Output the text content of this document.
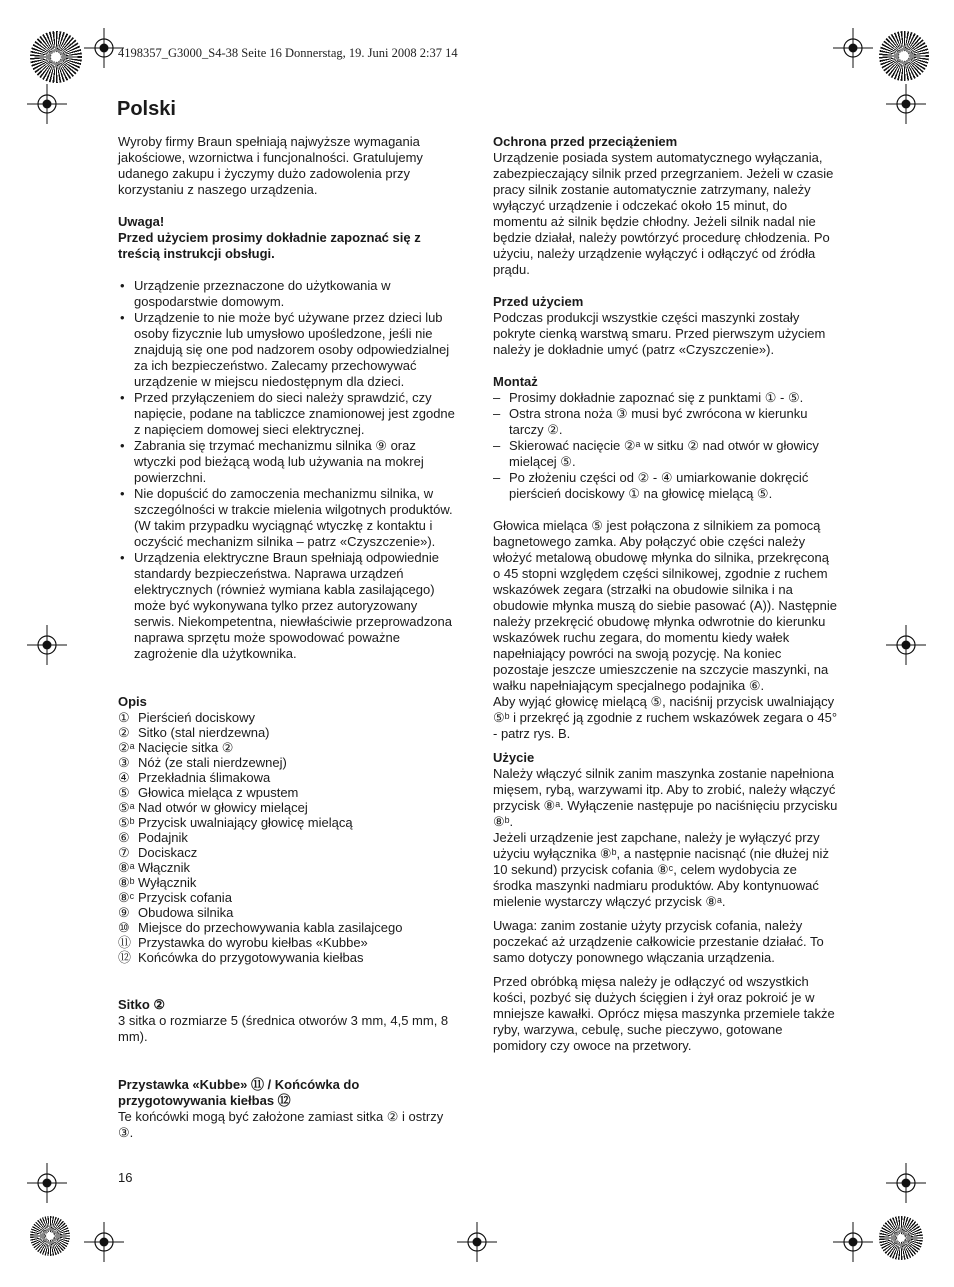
4198357_G3000_S4-38 Seite 16 Donnerstag, 19. Juni 2008 2:37 14
Polski

Wyroby firmy Braun spełniają najwyższe wymagania jakościowe, wzornictwa i funcjonalności. Gratulujemy udanego zakupu i życzymy dużo zadowolenia przy korzystaniu z naszego urządzenia.

Uwaga!

Przed użyciem prosimy dokładnie zapoznać się z treścią instrukcji obsługi.

• Urządzenie przeznaczone do użytkowania w gospodarstwie domowym.
• Urządzenie to nie może być używane przez dzieci lub osoby fizycznie lub umysłowo upośledzone, jeśli nie znajdują się one pod nadzorem osoby odpowiedzialnej za ich bezpieczeństwo. Zalecamy przechowywać urządzenie w miejscu niedostępnym dla dzieci.
• Przed przyłączeniem do sieci należy sprawdzić, czy napięcie, podane na tabliczce znamionowej jest zgodne z napięciem domowej sieci elektrycznej.
• Zabrania się trzymać mechanizmu silnika ⑨ oraz wtyczki pod bieżącą wodą lub używania na mokrej powierzchni.
• Nie dopuścić do zamoczenia mechanizmu silnika, w szczególności w trakcie mielenia wilgotnych produktów. (W takim przypadku wyciągnąć wtyczkę z kontaktu i oczyścić mechanizm silnika – patrz «Czyszczenie»).
• Urządzenia elektryczne Braun spełniają odpowiednie standardy bezpieczeństwa. Naprawa urządzeń elektrycznych (również wymiana kabla zasilającego) może być wykonywana tylko przez autoryzowany serwis. Niekompetentna, niewłaściwie przeprowadzona naprawa sprzętu może spowodować poważne zagrożenie dla użytkownika.

Opis

① Pierścień dociskowy
② Sitko (stal nierdzewna)
②ᵃ Nacięcie sitka ②
③ Nóż (ze stali nierdzewnej)
④ Przekładnia ślimakowa
⑤ Głowica mieląca z wpustem
⑤ᵃ Nad otwór w głowicy mielącej
⑤ᵇ Przycisk uwalniający głowicę mielącą
⑥ Podajnik
⑦ Dociskacz
⑧ᵃ Włącznik
⑧ᵇ Wyłącznik
⑧ᶜ Przycisk cofania
⑨ Obudowa silnika
⑩ Miejsce do przechowywania kabla zasilajcego
⑪ Przystawka do wyrobu kiełbas «Kubbe»
⑫ Końcówka do przygotowywania kiełbas

Sitko ②

3 sitka o rozmiarze 5 (średnica otworów 3 mm, 4,5 mm, 8 mm).

Przystawka «Kubbe» ⑪ / Końcówka do przygotowywania kiełbas ⑫

Te końcówki mogą być założone zamiast sitka ② i ostrzy ③.

Ochrona przed przeciążeniem

Urządzenie posiada system automatycznego wyłączania, zabezpieczający silnik przed przegrzaniem. Jeżeli w czasie pracy silnik zostanie automatycznie zatrzymany, należy wyłączyć urządzenie i odczekać około 15 minut, do momentu aż silnik będzie chłodny. Jeżeli silnik nadal nie będzie działał, należy powtórzyć procedurę chłodzenia. Po użyciu, należy urządzenie wyłączyć i odłączyć od źródła prądu.

Przed użyciem

Podczas produkcji wszystkie części maszynki zostały pokryte cienką warstwą smaru. Przed pierwszym użyciem należy je dokładnie umyć (patrz «Czyszczenie»).

Montaż

– Prosimy dokładnie zapoznać się z punktami ① - ⑤.
– Ostra strona noża ③ musi być zwrócona w kierunku tarczy ②.
– Skierować nacięcie ②ᵃ w sitku ② nad otwór w głowicy mielącej ⑤.
– Po złożeniu części od ② - ④ umiarkowanie dokręcić pierścień dociskowy ① na głowicę mielącą ⑤.

Głowica mieląca ⑤ jest połączona z silnikiem za pomocą bagnetowego zamka. Aby połączyć obie części należy włożyć metalową obudowę młynka do silnika, przekręconą o 45 stopni względem części silnikowej, zgodnie z ruchem wskazówek zegara (strzałki na obudowie silnika i na obudowie młynka muszą do siebie pasować (A)). Następnie należy przekręcić obudowę młynka odwrotnie do kierunku wskazówek ruchu zegara, do momentu kiedy wałek napełniający powróci na swoją pozycję. Na koniec pozostaje jeszcze umieszczenie na szczycie maszynki, na wałku napełniającym specjalnego podajnika ⑥.

Aby wyjąć głowicę mielącą ⑤, naciśnij przycisk uwalniający ⑤ᵇ i przekręć ją zgodnie z ruchem wskazówek zegara o 45° - patrz rys. B.

Użycie

Należy włączyć silnik zanim maszynka zostanie napełniona mięsem, rybą, warzywami itp. Aby to zrobić, należy włączyć przycisk ⑧ᵃ. Wyłączenie następuje po naciśnięciu przycisku ⑧ᵇ.

Jeżeli urządzenie jest zapchane, należy je wyłączyć przy użyciu wyłącznika ⑧ᵇ, a następnie nacisnąć (nie dłużej niż 10 sekund) przycisk cofania ⑧ᶜ, celem wydobycia ze środka maszynki nadmiaru produktów. Aby kontynuować mielenie wystarczy włączyć przycisk ⑧ᵃ.

Uwaga: zanim zostanie użyty przycisk cofania, należy poczekać aż urządzenie całkowicie przestanie działać. To samo dotyczy ponownego włączania urządzenia.

Przed obróbką mięsa należy je odłączyć od wszystkich kości, pozbyć się dużych ścięgien i żył oraz pokroić je w mniejsze kawałki. Oprócz mięsa maszynka przemiele także ryby, warzywa, cebulę, suche pieczywo, gotowane pomidory czy owoce na przetwory.

16
